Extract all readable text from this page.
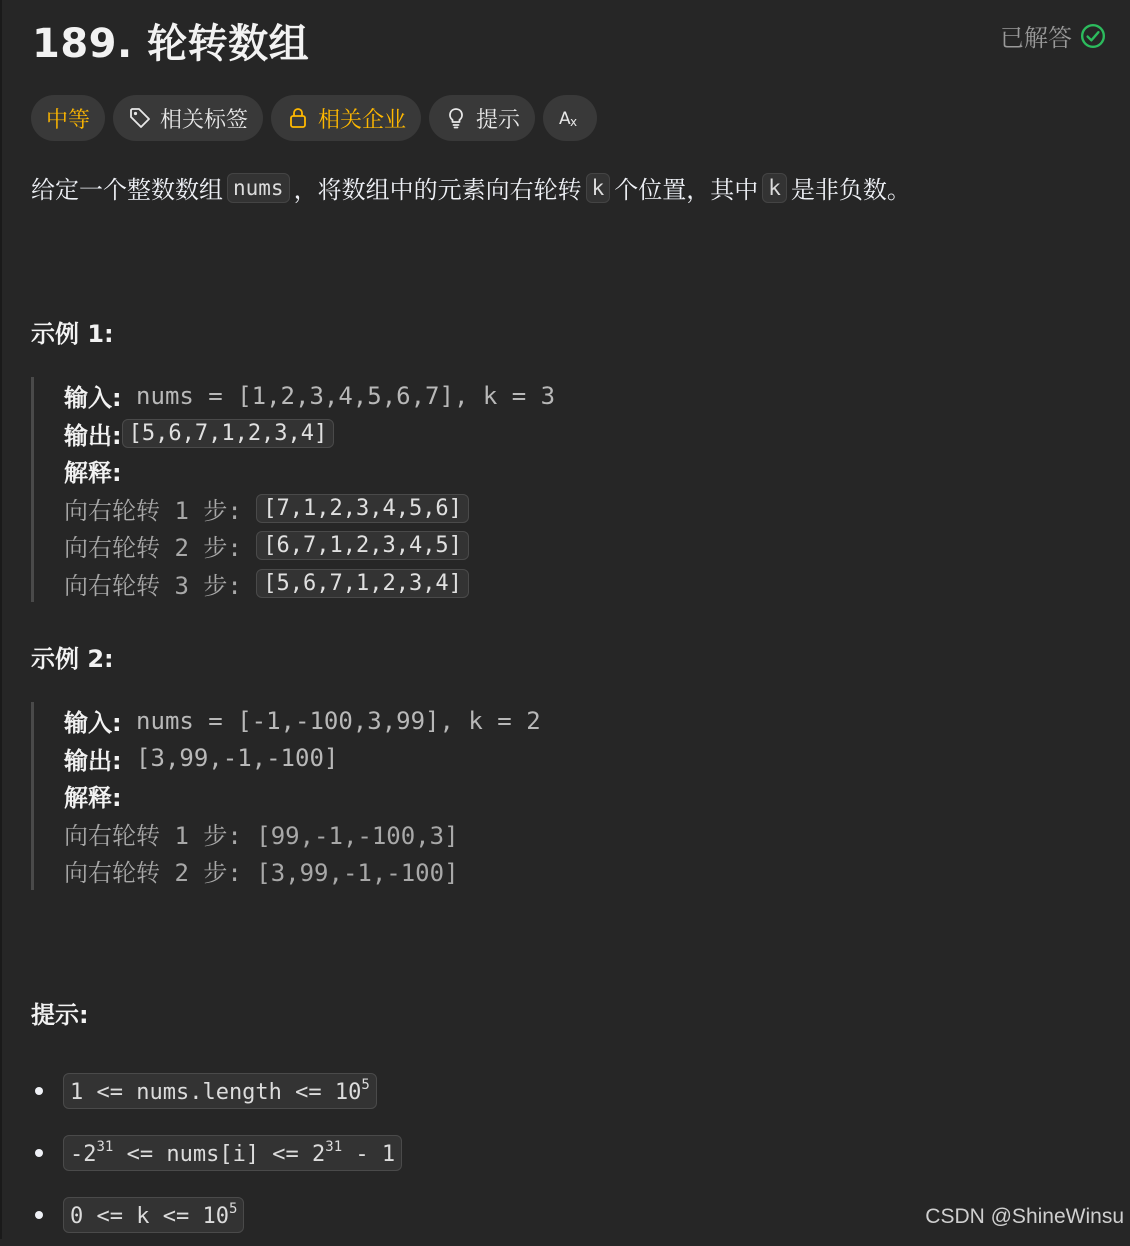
189. 轮转数组	已解答
中等	相关标签	相关企业	提示 A x
给定一个整数数组 nums ，将数组中的元素向右轮转 k 个位置，其中 k 是非负数。
示例 1:
输入: nums = [1,2,3,4,5,6,7], k = 3
输出: [5,6,7,1,2,3,4]
解释:
向右轮转 1 步: [7,1,2,3,4,5,6]
向右轮转 2 步: [6,7,1,2,3,4,5]
向右轮转 3 步: [5,6,7,1,2,3,4]
示例 2:
输入: nums = [-1,-100,3,99], k = 2
输出: [3,99,-1,-100]
解释:
向右轮转 1 步: [99,-1,-100,3]
向右轮转 2 步: [3,99,-1,-100]
提示:
1 <= nums.length <= $10^5$
$-2^{31}$ <= nums[i] <= $2^{31} - 1$
$0 <= k <= 10^5$	CSDN @ShineWinsu
